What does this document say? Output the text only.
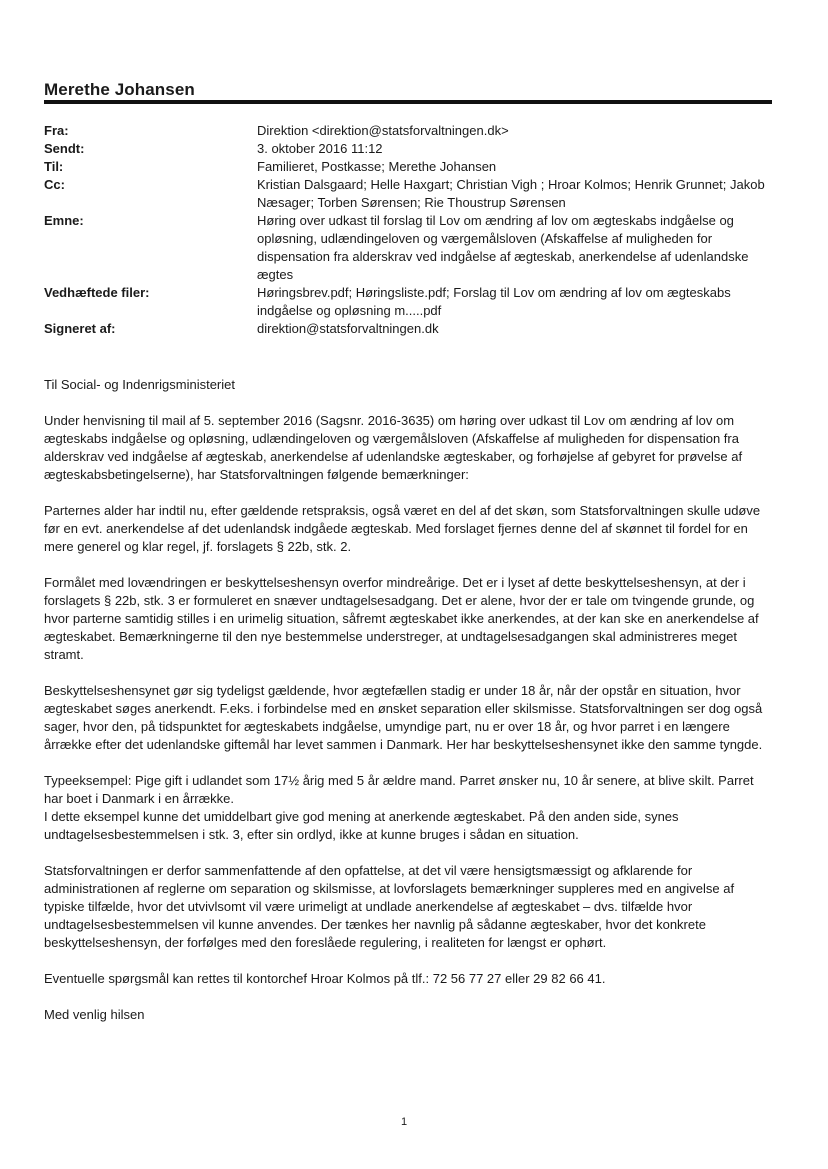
Merethe Johansen
Fra:	Direktion <direktion@statsforvaltningen.dk>
Sendt:	3. oktober 2016 11:12
Til:	Familieret, Postkasse; Merethe Johansen
Cc:	Kristian Dalsgaard; Helle Haxgart; Christian Vigh ; Hroar Kolmos; Henrik Grunnet; Jakob Næsager; Torben Sørensen; Rie Thoustrup Sørensen
Emne:	Høring over udkast til forslag til Lov om ændring af lov om ægteskabs indgåelse og opløsning, udlændingeloven og værgemålsloven (Afskaffelse af muligheden for dispensation fra alderskrav ved indgåelse af ægteskab, anerkendelse af udenlandske ægtes
Vedhæftede filer:	Høringsbrev.pdf; Høringsliste.pdf; Forslag til Lov om ændring af lov om ægteskabs indgåelse og opløsning m.....pdf
Signeret af:	direktion@statsforvaltningen.dk

Til Social- og Indenrigsministeriet

Under henvisning til mail af 5. september 2016 (Sagsnr. 2016-3635) om høring over udkast til Lov om ændring af lov om ægteskabs indgåelse og opløsning, udlændingeloven og værgemålsloven (Afskaffelse af muligheden for dispensation fra alderskrav ved indgåelse af ægteskab, anerkendelse af udenlandske ægteskaber, og forhøjelse af gebyret for prøvelse af ægteskabsbetingelserne), har Statsforvaltningen følgende bemærkninger:

Parternes alder har indtil nu, efter gældende retspraksis, også været en del af det skøn, som Statsforvaltningen skulle udøve før en evt. anerkendelse af det udenlandsk indgåede ægteskab. Med forslaget fjernes denne del af skønnet til fordel for en mere generel og klar regel, jf. forslagets § 22b, stk. 2.

Formålet med lovændringen er beskyttelseshensyn overfor mindreårige. Det er i lyset af dette beskyttelseshensyn, at der i forslagets § 22b, stk. 3 er formuleret en snæver undtagelsesadgang. Det er alene, hvor der er tale om tvingende grunde, og hvor parterne samtidig stilles i en urimelig situation, såfremt ægteskabet ikke anerkendes, at der kan ske en anerkendelse af ægteskabet. Bemærkningerne til den nye bestemmelse understreger, at undtagelsesadgangen skal administreres meget stramt.

Beskyttelseshensynet gør sig tydeligst gældende, hvor ægtefællen stadig er under 18 år, når der opstår en situation, hvor ægteskabet søges anerkendt. F.eks. i forbindelse med en ønsket separation eller skilsmisse. Statsforvaltningen ser dog også sager, hvor den, på tidspunktet for ægteskabets indgåelse, umyndige part, nu er over 18 år, og hvor parret i en længere årrække efter det udenlandske giftemål har levet sammen i Danmark. Her har beskyttelseshensynet ikke den samme tyngde.

Typeeksempel: Pige gift i udlandet som 17½ årig med 5 år ældre mand. Parret ønsker nu, 10 år senere, at blive skilt. Parret har boet i Danmark i en årrække.
I dette eksempel kunne det umiddelbart give god mening at anerkende ægteskabet. På den anden side, synes undtagelsesbestemmelsen i stk. 3, efter sin ordlyd, ikke at kunne bruges i sådan en situation.

Statsforvaltningen er derfor sammenfattende af den opfattelse, at det vil være hensigtsmæssigt og afklarende for administrationen af reglerne om separation og skilsmisse, at lovforslagets bemærkninger suppleres med en angivelse af typiske tilfælde, hvor det utvivlsomt vil være urimeligt at undlade anerkendelse af ægteskabet – dvs. tilfælde hvor undtagelsesbestemmelsen vil kunne anvendes. Der tænkes her navnlig på sådanne ægteskaber, hvor det konkrete beskyttelseshensyn, der forfølges med den foreslåede regulering, i realiteten for længst er ophørt.

Eventuelle spørgsmål kan rettes til kontorchef Hroar Kolmos på tlf.: 72 56 77 27 eller 29 82 66 41.

Med venlig hilsen

1
